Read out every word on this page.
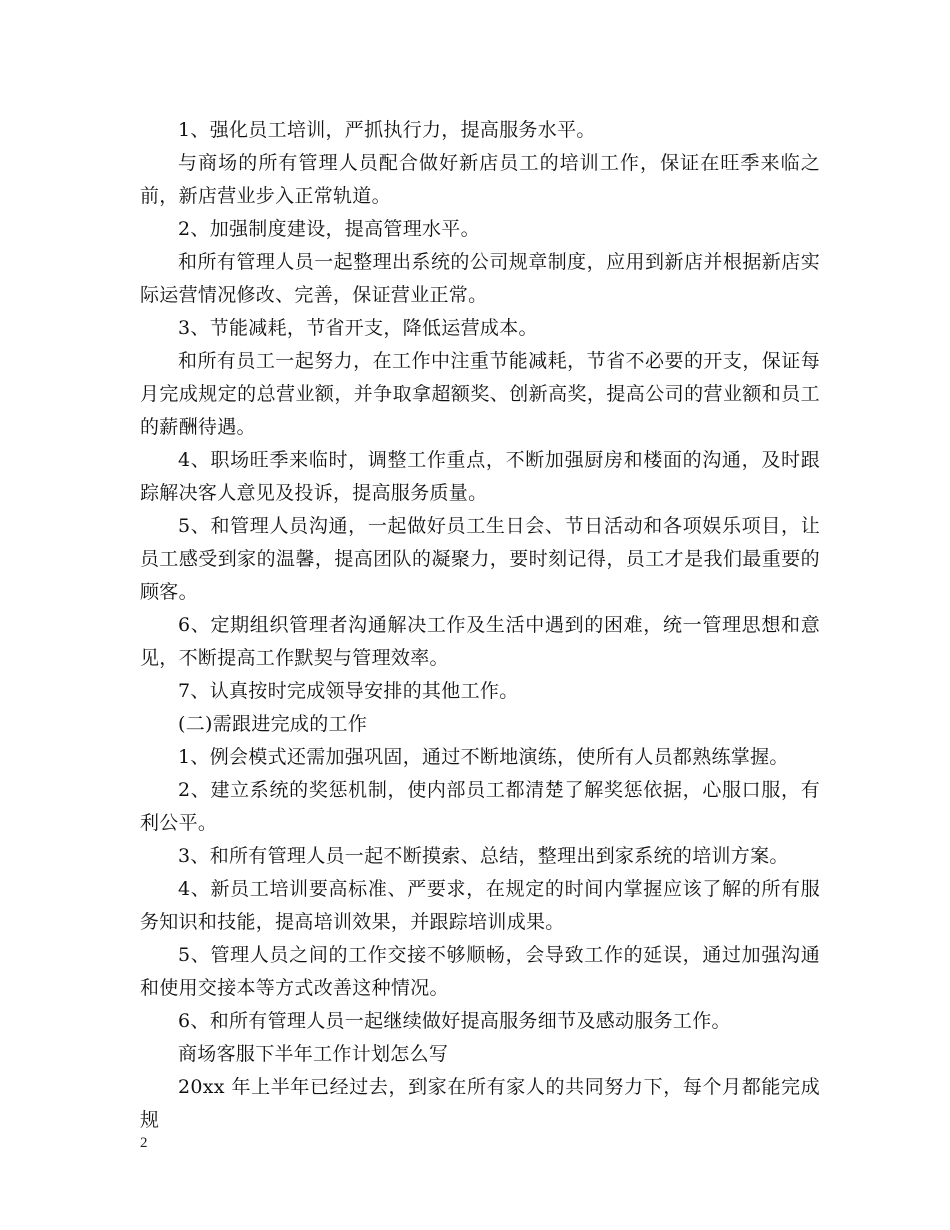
1、强化员工培训，严抓执行力，提高服务水平。

与商场的所有管理人员配合做好新店员工的培训工作，保证在旺季来临之前，新店营业步入正常轨道。

2、加强制度建设，提高管理水平。

和所有管理人员一起整理出系统的公司规章制度，应用到新店并根据新店实际运营情况修改、完善，保证营业正常。

3、节能减耗，节省开支，降低运营成本。

和所有员工一起努力，在工作中注重节能减耗，节省不必要的开支，保证每月完成规定的总营业额，并争取拿超额奖、创新高奖，提高公司的营业额和员工的薪酬待遇。

4、职场旺季来临时，调整工作重点，不断加强厨房和楼面的沟通，及时跟踪解决客人意见及投诉，提高服务质量。

5、和管理人员沟通，一起做好员工生日会、节日活动和各项娱乐项目，让员工感受到家的温馨，提高团队的凝聚力，要时刻记得，员工才是我们最重要的顾客。

6、定期组织管理者沟通解决工作及生活中遇到的困难，统一管理思想和意见，不断提高工作默契与管理效率。

7、认真按时完成领导安排的其他工作。

(二)需跟进完成的工作

1、例会模式还需加强巩固，通过不断地演练，使所有人员都熟练掌握。

2、建立系统的奖惩机制，使内部员工都清楚了解奖惩依据，心服口服，有利公平。

3、和所有管理人员一起不断摸索、总结，整理出到家系统的培训方案。

4、新员工培训要高标准、严要求，在规定的时间内掌握应该了解的所有服务知识和技能，提高培训效果，并跟踪培训成果。

5、管理人员之间的工作交接不够顺畅，会导致工作的延误，通过加强沟通和使用交接本等方式改善这种情况。

6、和所有管理人员一起继续做好提高服务细节及感动服务工作。

商场客服下半年工作计划怎么写

20xx 年上半年已经过去，到家在所有家人的共同努力下，每个月都能完成规

2
